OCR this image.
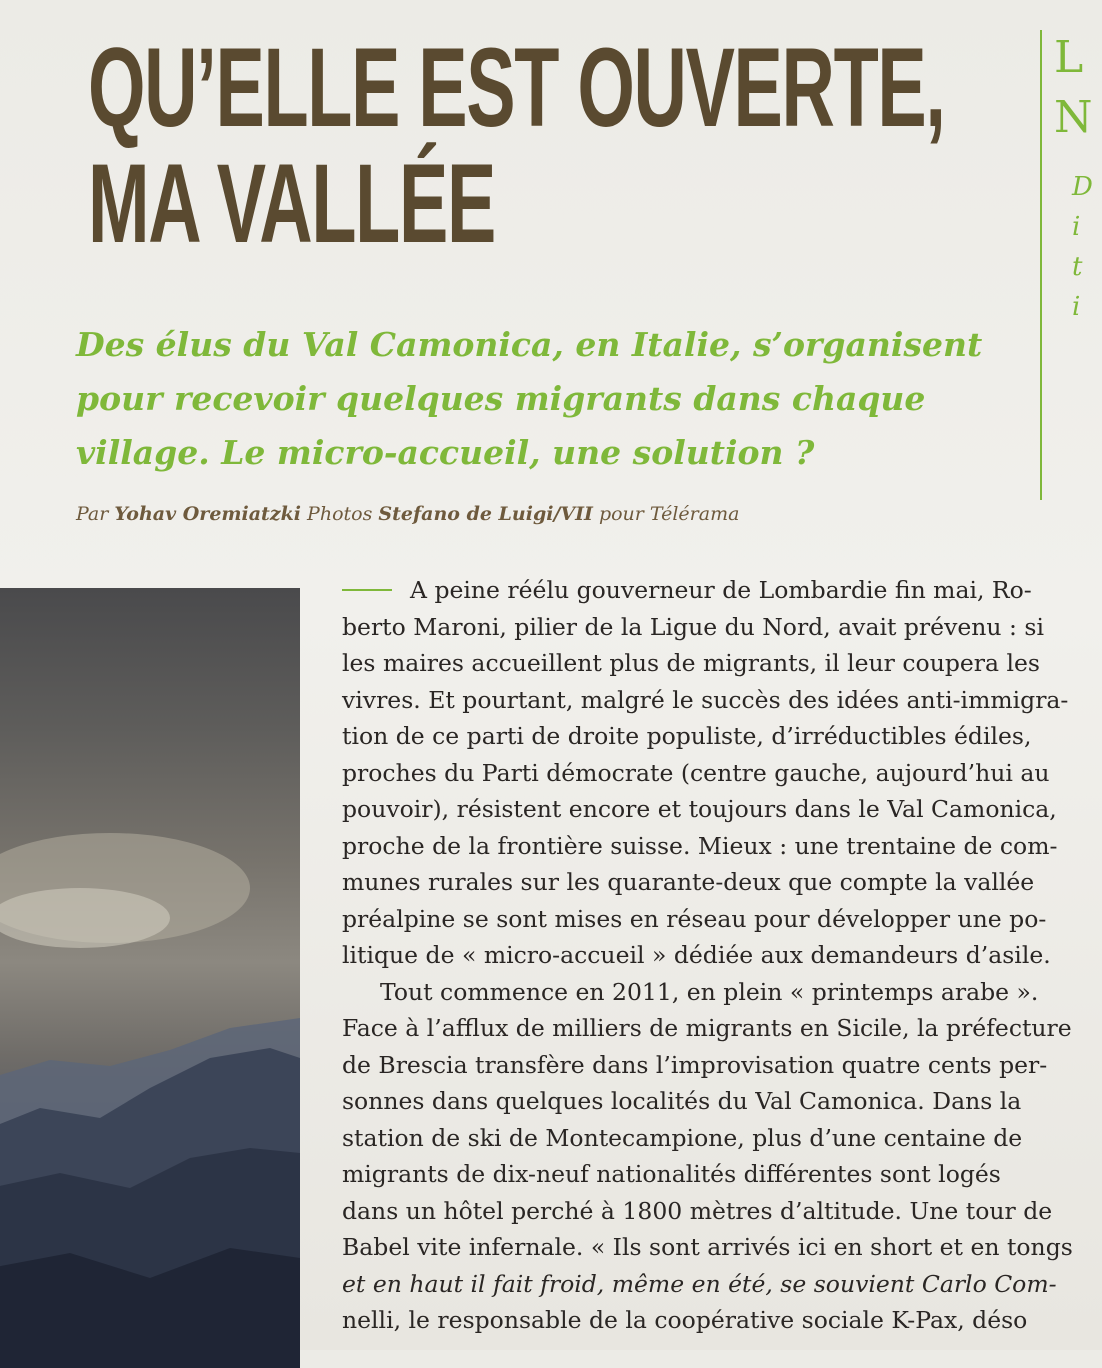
QU’ELLE EST OUVERTE,
MA VALLÉE
L
N
D
i
t
i
Des élus du Val Camonica, en Italie, s’organisent
pour recevoir quelques migrants dans chaque
village. Le micro-accueil, une solution ?
Par Yohav Oremiatzki Photos Stefano de Luigi/VII pour Télérama

A peine réélu gouverneur de Lombardie fin mai, Ro-
berto Maroni, pilier de la Ligue du Nord, avait prévenu : si
les maires accueillent plus de migrants, il leur coupera les
vivres. Et pourtant, malgré le succès des idées anti-immigra-
tion de ce parti de droite populiste, d’irréductibles édiles,
proches du Parti démocrate (centre gauche, aujourd’hui au
pouvoir), résistent encore et toujours dans le Val Camonica,
proche de la frontière suisse. Mieux : une trentaine de com-
munes rurales sur les quarante-deux que compte la vallée
préalpine se sont mises en réseau pour développer une po-
litique de « micro-accueil » dédiée aux demandeurs d’asile.

Tout commence en 2011, en plein « printemps arabe ».
Face à l’afflux de milliers de migrants en Sicile, la préfecture
de Brescia transfère dans l’improvisation quatre cents per-
sonnes dans quelques localités du Val Camonica. Dans la
station de ski de Montecampione, plus d’une centaine de
migrants de dix-neuf nationalités différentes sont logés
dans un hôtel perché à 1800 mètres d’altitude. Une tour de
Babel vite infernale. « Ils sont arrivés ici en short et en tongs
et en haut il fait froid, même en été, se souvient Carlo Com-
nelli, le responsable de la coopérative sociale K-Pax, déso
